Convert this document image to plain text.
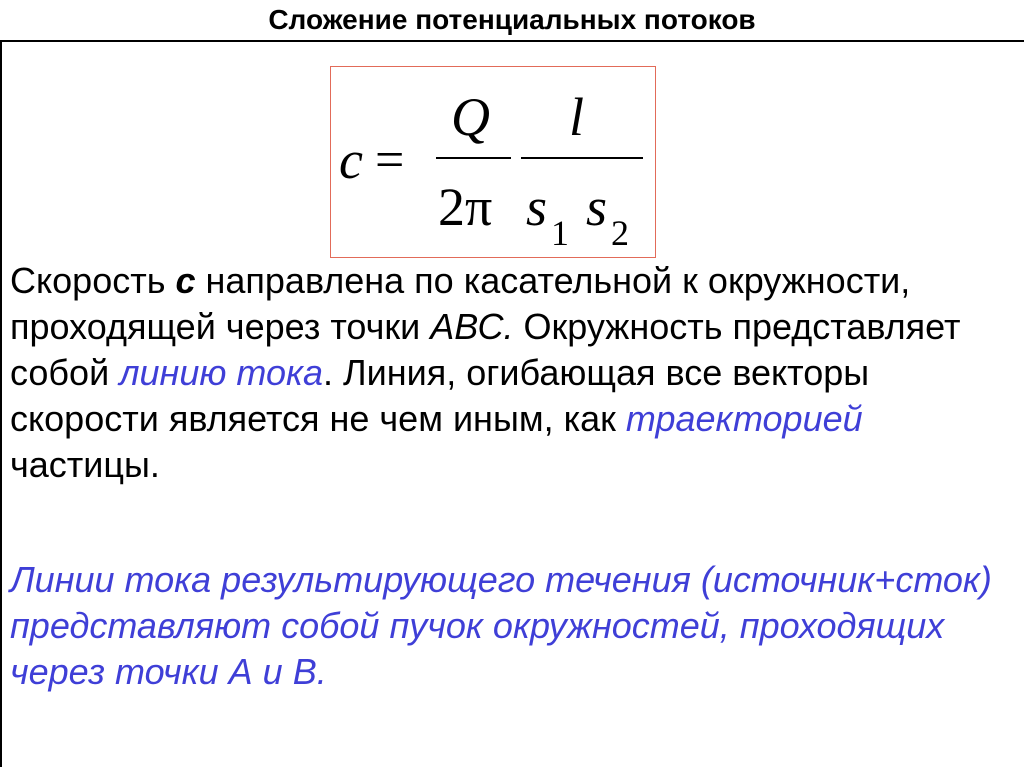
Сложение потенциальных потоков
c =
Q
2π
l
s 1 s 2

Скорость c направлена по касательной к окружности, проходящей через точки АВС. Окружность представляет собой линию тока. Линия, огибающая все векторы скорости является не чем иным, как траекторией частицы.

Линии тока результирующего течения (источник+сток) представляют собой пучок окружностей, проходящих через точки А и В.
